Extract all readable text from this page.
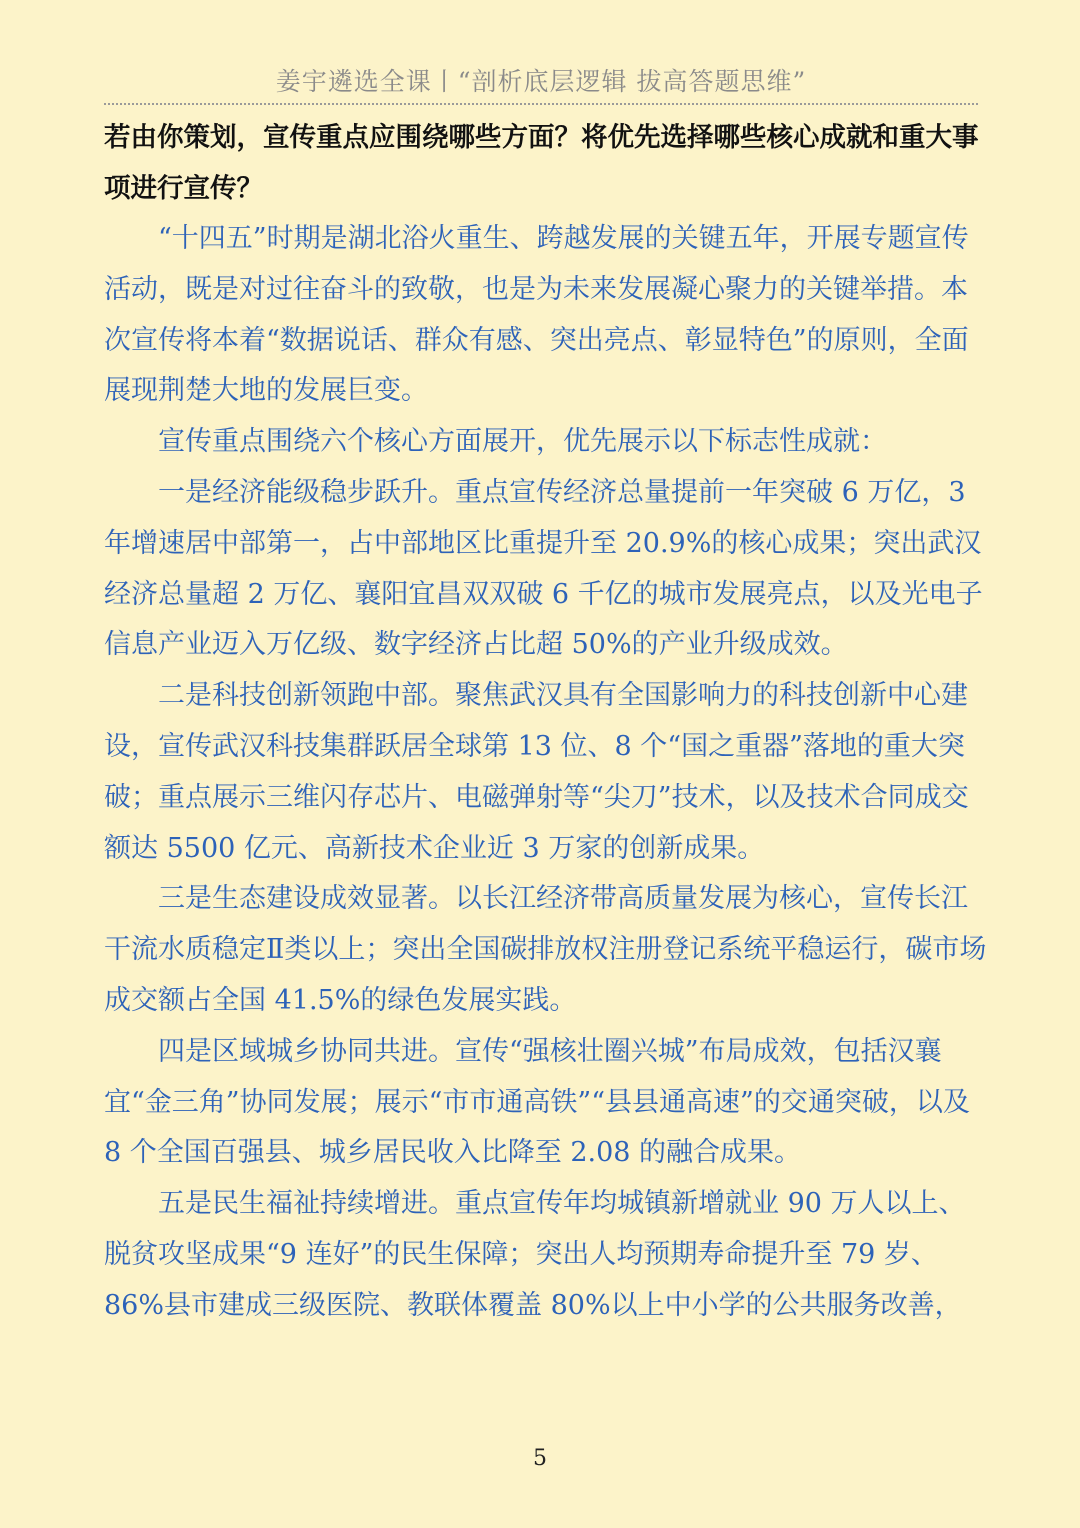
姜宇遴选全课丨“剖析底层逻辑 拔高答题思维”
若由你策划，宣传重点应围绕哪些方面？将优先选择哪些核心成就和重大事项进行宣传？

“十四五”时期是湖北浴火重生、跨越发展的关键五年，开展专题宣传活动，既是对过往奋斗的致敬，也是为未来发展凝心聚力的关键举措。本次宣传将本着“数据说话、群众有感、突出亮点、彰显特色”的原则，全面展现荆楚大地的发展巨变。

宣传重点围绕六个核心方面展开，优先展示以下标志性成就：

一是经济能级稳步跃升。重点宣传经济总量提前一年突破 6 万亿，3 年增速居中部第一，占中部地区比重提升至 20.9%的核心成果；突出武汉经济总量超 2 万亿、襄阳宜昌双双破 6 千亿的城市发展亮点，以及光电子信息产业迈入万亿级、数字经济占比超 50%的产业升级成效。

二是科技创新领跑中部。聚焦武汉具有全国影响力的科技创新中心建设，宣传武汉科技集群跃居全球第 13 位、8 个“国之重器”落地的重大突破；重点展示三维闪存芯片、电磁弹射等“尖刀”技术，以及技术合同成交额达 5500 亿元、高新技术企业近 3 万家的创新成果。

三是生态建设成效显著。以长江经济带高质量发展为核心，宣传长江干流水质稳定Ⅱ类以上；突出全国碳排放权注册登记系统平稳运行，碳市场成交额占全国 41.5%的绿色发展实践。

四是区域城乡协同共进。宣传“强核壮圈兴城”布局成效，包括汉襄宜“金三角”协同发展；展示“市市通高铁”“县县通高速”的交通突破，以及 8 个全国百强县、城乡居民收入比降至 2.08 的融合成果。

五是民生福祉持续增进。重点宣传年均城镇新增就业 90 万人以上、脱贫攻坚成果“9 连好”的民生保障；突出人均预期寿命提升至 79 岁、86%县市建成三级医院、教联体覆盖 80%以上中小学的公共服务改善，

5
